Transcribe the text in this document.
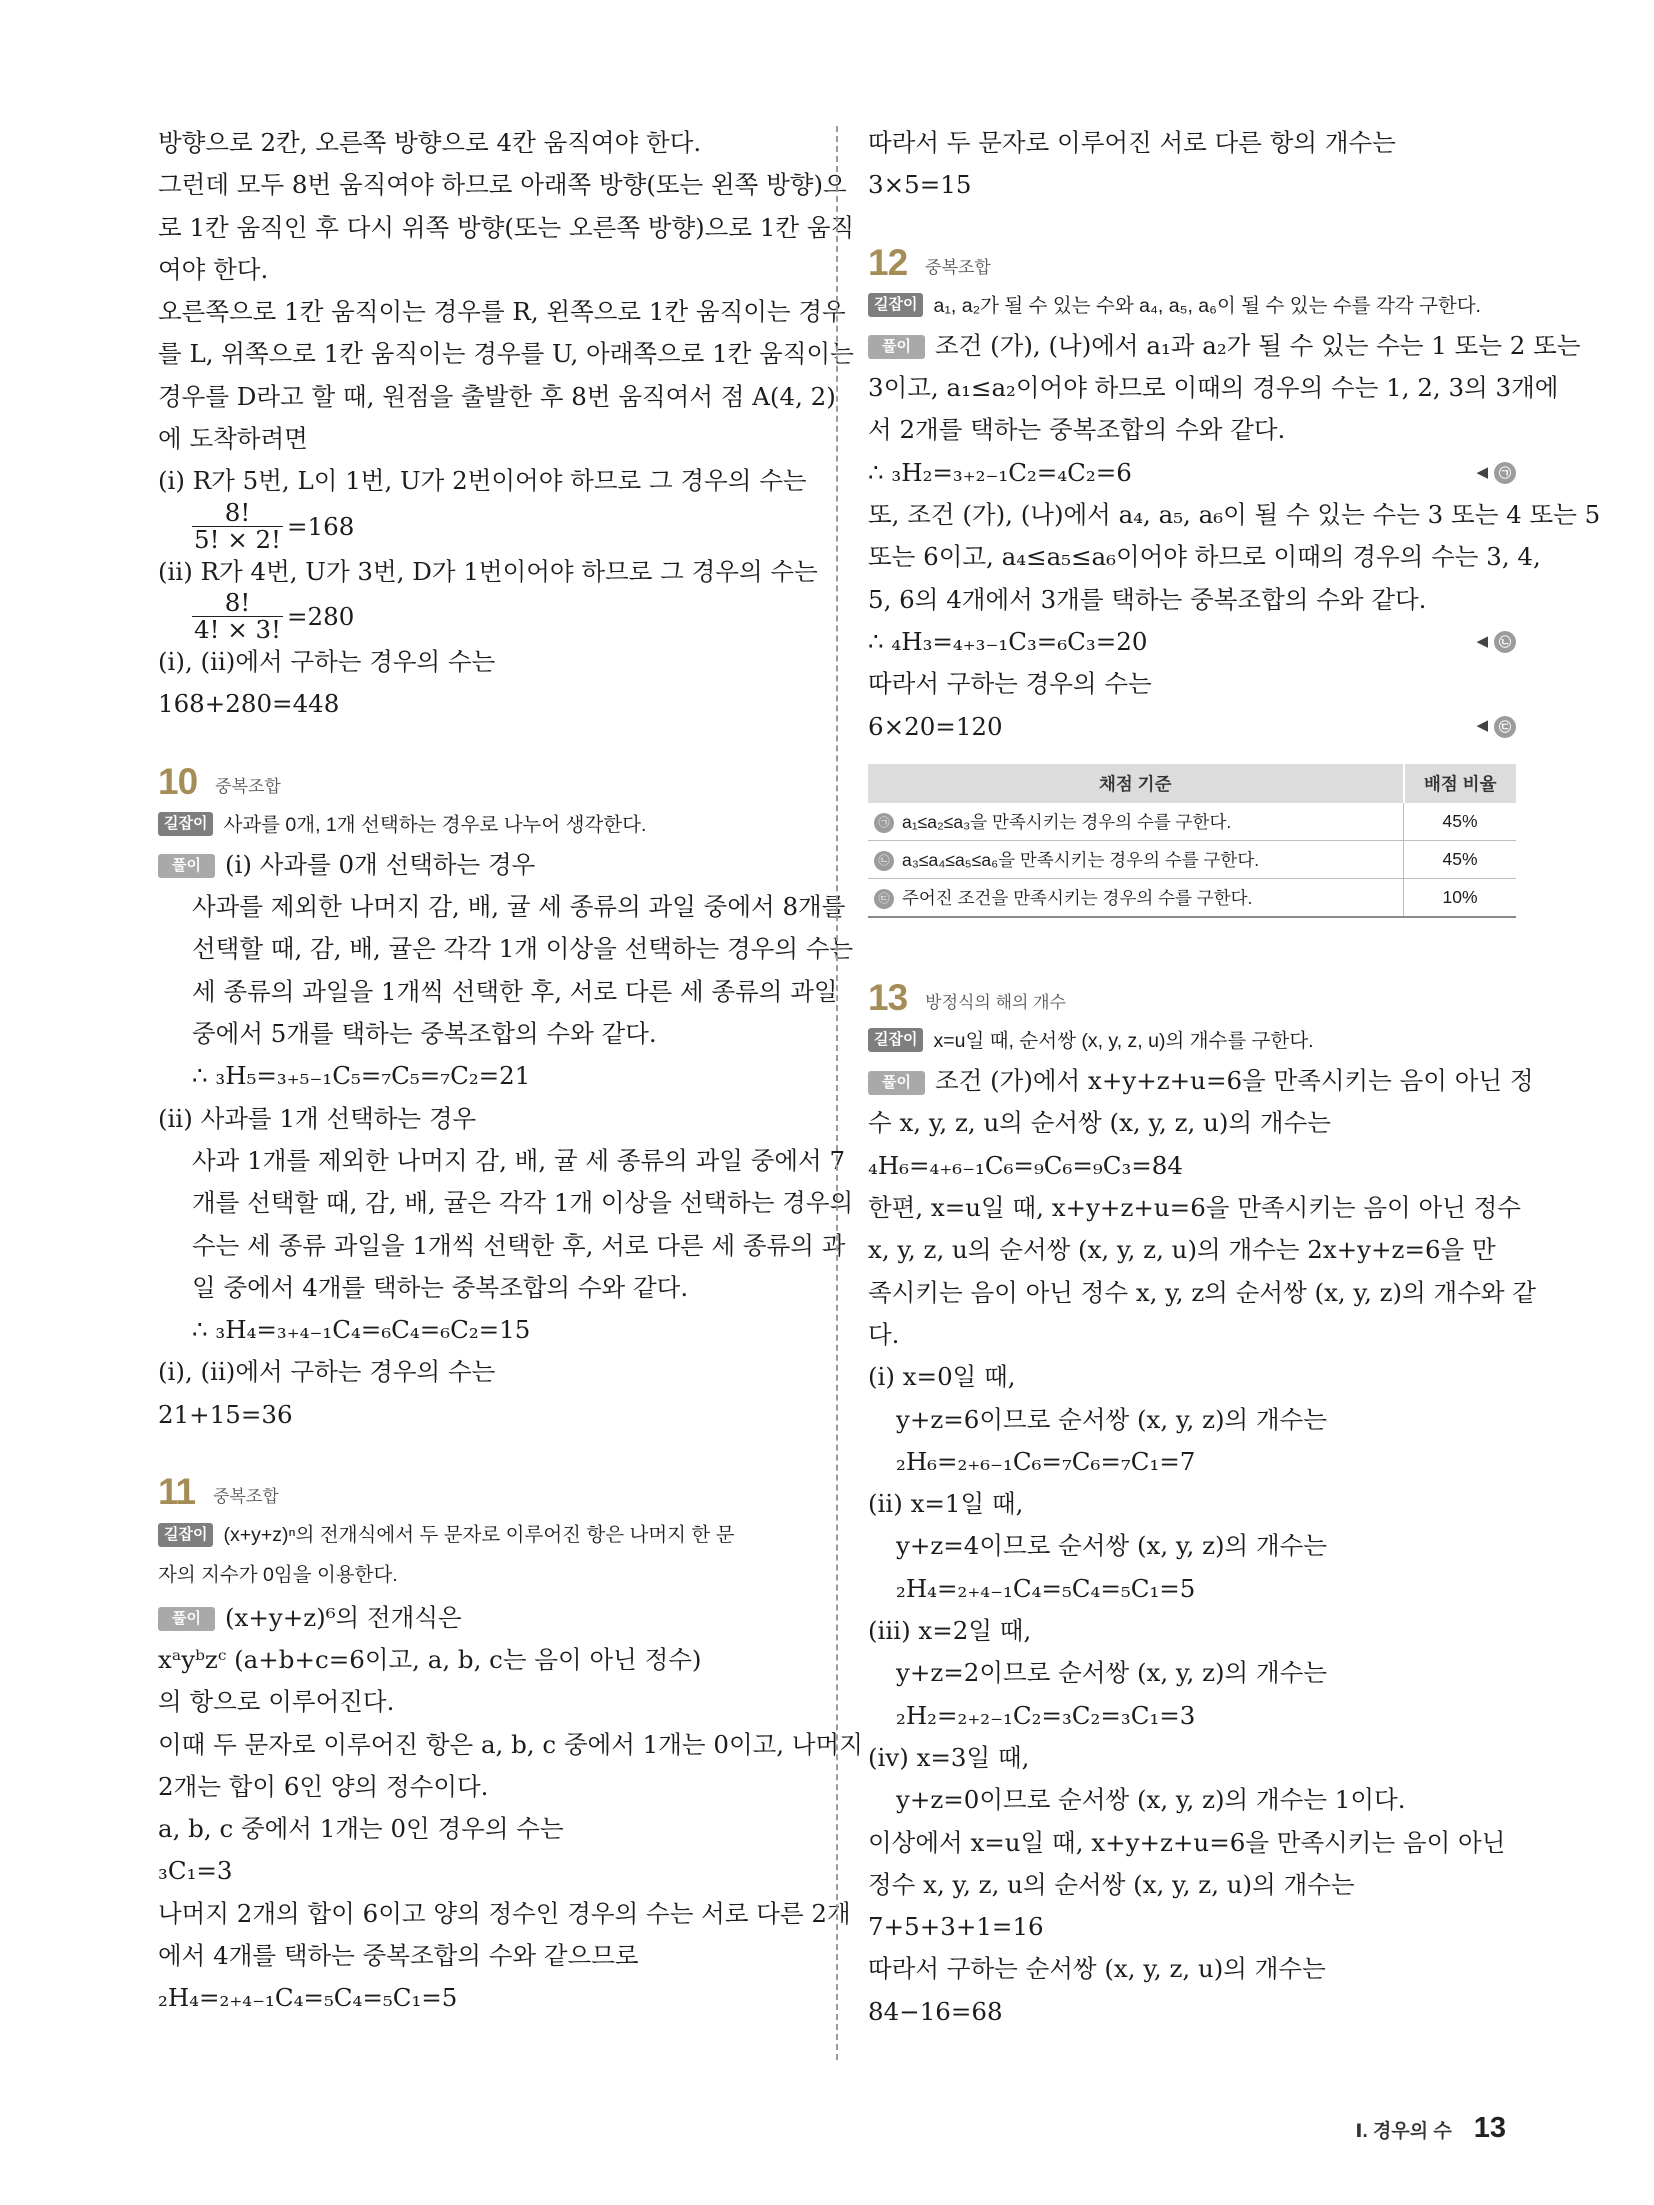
방향으로 2칸, 오른쪽 방향으로 4칸 움직여야 한다.
그런데 모두 8번 움직여야 하므로 아래쪽 방향(또는 왼쪽 방향)으
로 1칸 움직인 후 다시 위쪽 방향(또는 오른쪽 방향)으로 1칸 움직
여야 한다.
오른쪽으로 1칸 움직이는 경우를 R, 왼쪽으로 1칸 움직이는 경우
를 L, 위쪽으로 1칸 움직이는 경우를 U, 아래쪽으로 1칸 움직이는
경우를 D라고 할 때, 원점을 출발한 후 8번 움직여서 점 A(4, 2)
에 도착하려면
(ⅰ) R가 5번, L이 1번, U가 2번이어야 하므로 그 경우의 수는
$\frac{8!}{5! \times 2!} =168$
(ⅱ) R가 4번, U가 3번, D가 1번이어야 하므로 그 경우의 수는
$\frac{8!}{4! \times 3!} =280$
(ⅰ), (ⅱ)에서 구하는 경우의 수는
168+280=448
10 중복조합
길잡이 사과를 0개, 1개 선택하는 경우로 나누어 생각한다.
풀이 (ⅰ) 사과를 0개 선택하는 경우
사과를 제외한 나머지 감, 배, 귤 세 종류의 과일 중에서 8개를
선택할 때, 감, 배, 귤은 각각 1개 이상을 선택하는 경우의 수는
세 종류의 과일을 1개씩 선택한 후, 서로 다른 세 종류의 과일
중에서 5개를 택하는 중복조합의 수와 같다.
∴ ₃H₅=₃₊₅₋₁C₅=₇C₅=₇C₂=21
(ⅱ) 사과를 1개 선택하는 경우
사과 1개를 제외한 나머지 감, 배, 귤 세 종류의 과일 중에서 7
개를 선택할 때, 감, 배, 귤은 각각 1개 이상을 선택하는 경우의
수는 세 종류 과일을 1개씩 선택한 후, 서로 다른 세 종류의 과
일 중에서 4개를 택하는 중복조합의 수와 같다.
∴ ₃H₄=₃₊₄₋₁C₄=₆C₄=₆C₂=15
(ⅰ), (ⅱ)에서 구하는 경우의 수는
21+15=36
11 중복조합
길잡이 (x+y+z)ⁿ의 전개식에서 두 문자로 이루어진 항은 나머지 한 문
자의 지수가 0임을 이용한다.
풀이 (x+y+z)⁶의 전개식은
xᵃyᵇzᶜ (a+b+c=6이고, a, b, c는 음이 아닌 정수)
의 항으로 이루어진다.
이때 두 문자로 이루어진 항은 a, b, c 중에서 1개는 0이고, 나머지
2개는 합이 6인 양의 정수이다.
a, b, c 중에서 1개는 0인 경우의 수는
₃C₁=3
나머지 2개의 합이 6이고 양의 정수인 경우의 수는 서로 다른 2개
에서 4개를 택하는 중복조합의 수와 같으므로
₂H₄=₂₊₄₋₁C₄=₅C₄=₅C₁=5
따라서 두 문자로 이루어진 서로 다른 항의 개수는
3×5=15
12 중복조합
길잡이 a₁, a₂가 될 수 있는 수와 a₄, a₅, a₆이 될 수 있는 수를 각각 구한다.
풀이 조건 (가), (나)에서 a₁과 a₂가 될 수 있는 수는 1 또는 2 또는
3이고, a₁≤a₂이어야 하므로 이때의 경우의 수는 1, 2, 3의 3개에
서 2개를 택하는 중복조합의 수와 같다.
◀ ㉠
∴ ₃H₂=₃₊₂₋₁C₂=₄C₂=6
또, 조건 (가), (나)에서 a₄, a₅, a₆이 될 수 있는 수는 3 또는 4 또는 5
또는 6이고, a₄≤a₅≤a₆이어야 하므로 이때의 경우의 수는 3, 4,
5, 6의 4개에서 3개를 택하는 중복조합의 수와 같다.
◀ ㉡
∴ ₄H₃=₄₊₃₋₁C₃=₆C₃=20
따라서 구하는 경우의 수는
◀ ㉢
6×20=120
채점 기준	배점 비율
㉠ a₁≤a₂≤a₃을 만족시키는 경우의 수를 구한다.	45%
㉡ a₃≤a₄≤a₅≤a₆을 만족시키는 경우의 수를 구한다.	45%
㉢ 주어진 조건을 만족시키는 경우의 수를 구한다.	10%
13 방정식의 해의 개수
길잡이 x=u일 때, 순서쌍 (x, y, z, u)의 개수를 구한다.
풀이 조건 (가)에서 x+y+z+u=6을 만족시키는 음이 아닌 정
수 x, y, z, u의 순서쌍 (x, y, z, u)의 개수는
₄H₆=₄₊₆₋₁C₆=₉C₆=₉C₃=84
한편, x=u일 때, x+y+z+u=6을 만족시키는 음이 아닌 정수
x, y, z, u의 순서쌍 (x, y, z, u)의 개수는 2x+y+z=6을 만
족시키는 음이 아닌 정수 x, y, z의 순서쌍 (x, y, z)의 개수와 같
다.
(ⅰ) x=0일 때,
y+z=6이므로 순서쌍 (x, y, z)의 개수는
₂H₆=₂₊₆₋₁C₆=₇C₆=₇C₁=7
(ⅱ) x=1일 때,
y+z=4이므로 순서쌍 (x, y, z)의 개수는
₂H₄=₂₊₄₋₁C₄=₅C₄=₅C₁=5
(ⅲ) x=2일 때,
y+z=2이므로 순서쌍 (x, y, z)의 개수는
₂H₂=₂₊₂₋₁C₂=₃C₂=₃C₁=3
(ⅳ) x=3일 때,
y+z=0이므로 순서쌍 (x, y, z)의 개수는 1이다.
이상에서 x=u일 때, x+y+z+u=6을 만족시키는 음이 아닌
정수 x, y, z, u의 순서쌍 (x, y, z, u)의 개수는
7+5+3+1=16
따라서 구하는 순서쌍 (x, y, z, u)의 개수는
84−16=68
Ⅰ. 경우의 수 13
